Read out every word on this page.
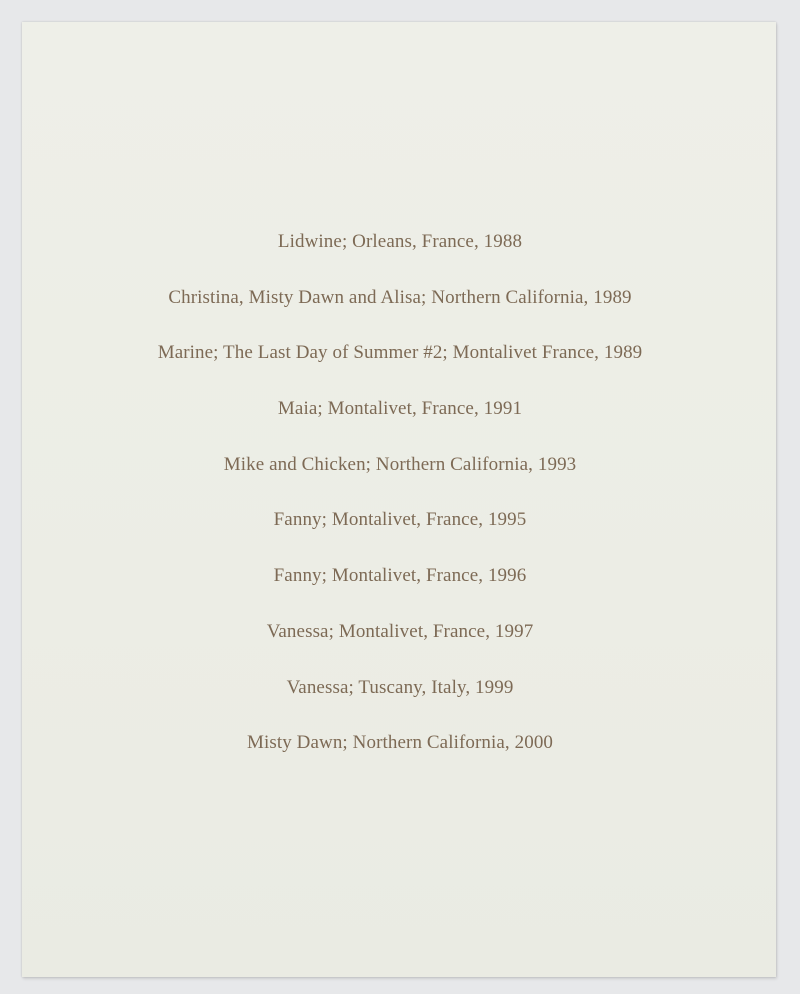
Lidwine; Orleans, France, 1988
Christina, Misty Dawn and Alisa; Northern California, 1989
Marine; The Last Day of Summer #2; Montalivet France, 1989
Maia; Montalivet, France, 1991
Mike and Chicken; Northern California, 1993
Fanny; Montalivet, France, 1995
Fanny; Montalivet, France, 1996
Vanessa; Montalivet, France, 1997
Vanessa; Tuscany, Italy, 1999
Misty Dawn; Northern California, 2000
